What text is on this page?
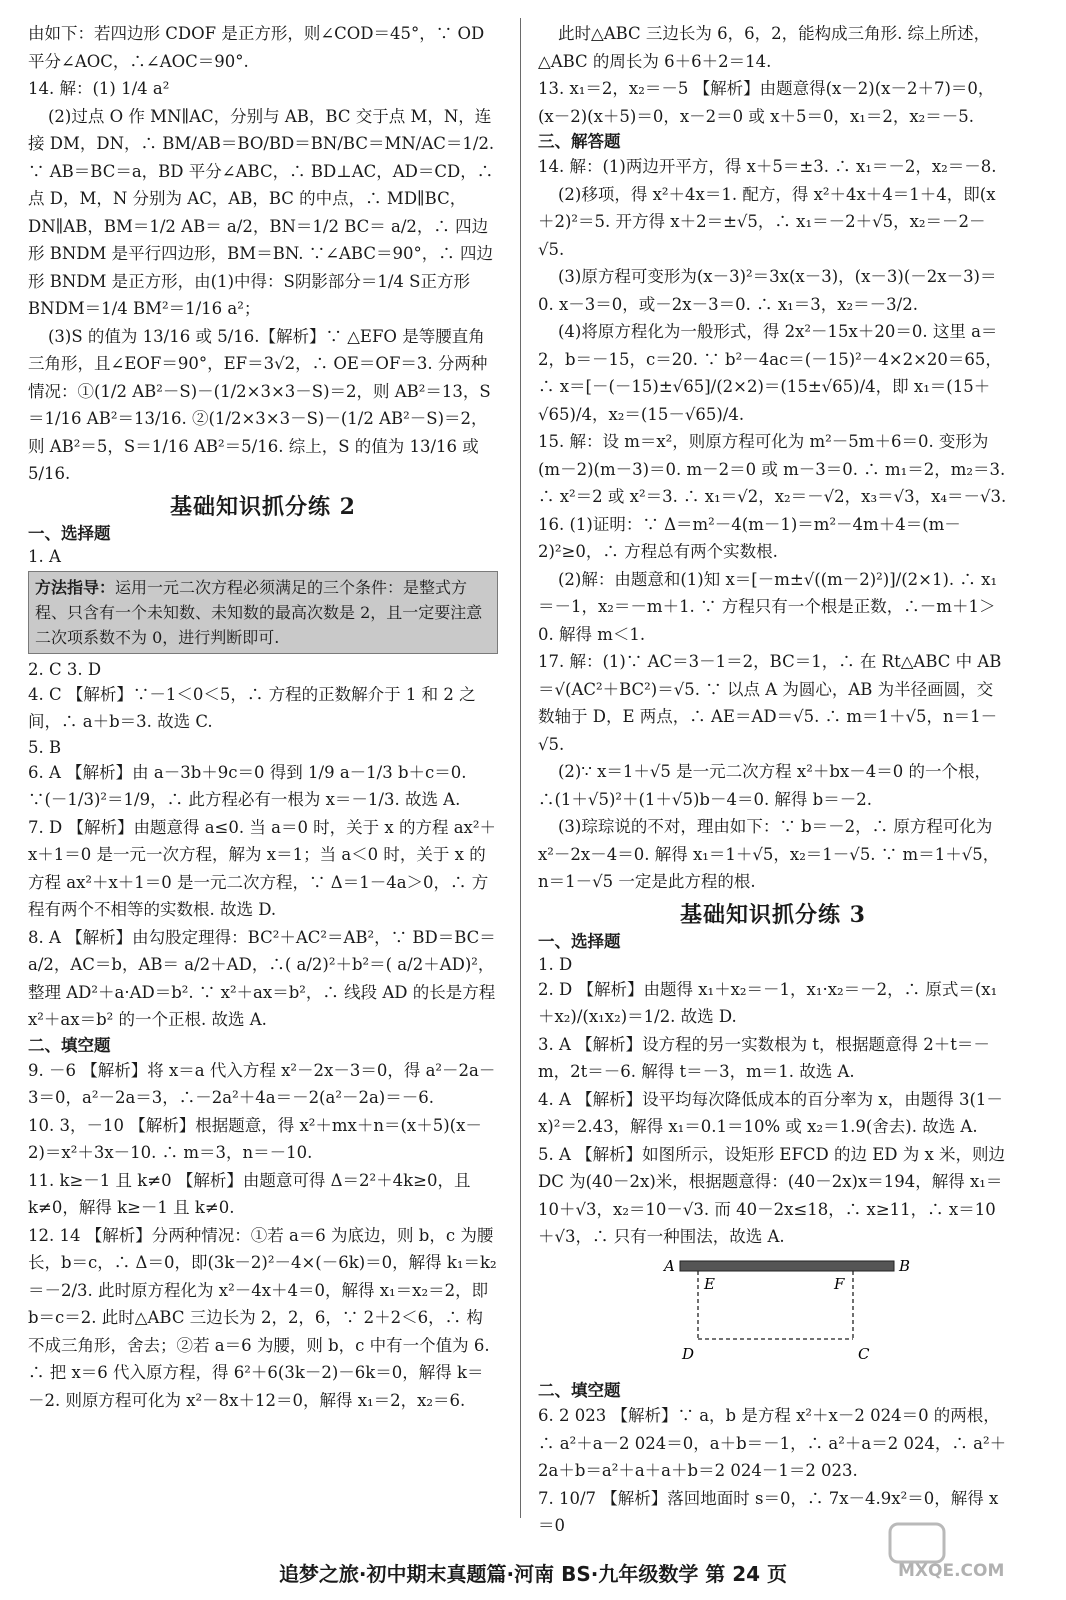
由如下：若四边形 CDOF 是正方形，则∠COD＝45°，∵ OD 平分∠AOC，∴∠AOC＝90°.

14. 解：(1) 1/4 a²

(2)过点 O 作 MN∥AC，分别与 AB，BC 交于点 M，N，连接 DM，DN，∴ BM/AB＝BO/BD＝BN/BC＝MN/AC＝1/2. ∵ AB＝BC＝a，BD 平分∠ABC，∴ BD⊥AC，AD＝CD，∴ 点 D，M，N 分别为 AC，AB，BC 的中点，∴ MD∥BC，DN∥AB，BM＝1/2 AB＝ a/2，BN＝1/2 BC＝ a/2，∴ 四边形 BNDM 是平行四边形，BM＝BN. ∵∠ABC＝90°，∴ 四边形 BNDM 是正方形，由(1)中得：S阴影部分＝1/4 S正方形BNDM＝1/4 BM²＝1/16 a²；

(3)S 的值为 13/16 或 5/16.【解析】∵ △EFO 是等腰直角三角形，且∠EOF＝90°，EF＝3√2，∴ OE＝OF＝3. 分两种情况：①(1/2 AB²－S)－(1/2×3×3－S)＝2，则 AB²＝13，S＝1/16 AB²＝13/16. ②(1/2×3×3－S)－(1/2 AB²－S)＝2，则 AB²＝5，S＝1/16 AB²＝5/16. 综上，S 的值为 13/16 或 5/16.

基础知识抓分练 2

一、选择题

1. A

方法指导：运用一元二次方程必须满足的三个条件：是整式方程、只含有一个未知数、未知数的最高次数是 2，且一定要注意二次项系数不为 0，进行判断即可.

2. C 3. D

4. C 【解析】∵－1＜0＜5，∴ 方程的正数解介于 1 和 2 之间，∴ a＋b＝3. 故选 C.

5. B

6. A 【解析】由 a－3b＋9c＝0 得到 1/9 a－1/3 b＋c＝0. ∵(－1/3)²＝1/9，∴ 此方程必有一根为 x＝－1/3. 故选 A.

7. D 【解析】由题意得 a≤0. 当 a＝0 时，关于 x 的方程 ax²＋x＋1＝0 是一元一次方程，解为 x＝1；当 a＜0 时，关于 x 的方程 ax²＋x＋1＝0 是一元二次方程，∵ Δ＝1－4a＞0，∴ 方程有两个不相等的实数根. 故选 D.

8. A 【解析】由勾股定理得：BC²＋AC²＝AB²，∵ BD＝BC＝ a/2，AC＝b，AB＝ a/2＋AD，∴( a/2)²＋b²＝( a/2＋AD)²，整理 AD²＋a·AD＝b². ∵ x²＋ax＝b²，∴ 线段 AD 的长是方程 x²＋ax＝b² 的一个正根. 故选 A.

二、填空题

9. －6 【解析】将 x＝a 代入方程 x²－2x－3＝0，得 a²－2a－3＝0，a²－2a＝3，∴－2a²＋4a＝－2(a²－2a)＝－6.

10. 3，－10 【解析】根据题意，得 x²＋mx＋n＝(x＋5)(x－2)＝x²＋3x－10. ∴ m＝3，n＝－10.

11. k≥－1 且 k≠0 【解析】由题意可得 Δ＝2²＋4k≥0，且 k≠0，解得 k≥－1 且 k≠0.

12. 14 【解析】分两种情况：①若 a＝6 为底边，则 b，c 为腰长，b＝c，∴ Δ＝0，即(3k－2)²－4×(－6k)＝0，解得 k₁＝k₂＝－2/3. 此时原方程化为 x²－4x＋4＝0，解得 x₁＝x₂＝2，即 b＝c＝2. 此时△ABC 三边长为 2，2，6，∵ 2＋2＜6，∴ 构不成三角形，舍去；②若 a＝6 为腰，则 b，c 中有一个值为 6. ∴ 把 x＝6 代入原方程，得 6²＋6(3k－2)－6k＝0，解得 k＝－2. 则原方程可化为 x²－8x＋12＝0，解得 x₁＝2，x₂＝6.

此时△ABC 三边长为 6，6，2，能构成三角形. 综上所述，△ABC 的周长为 6＋6＋2＝14.

13. x₁＝2，x₂＝－5 【解析】由题意得(x－2)(x－2＋7)＝0，(x－2)(x＋5)＝0，x－2＝0 或 x＋5＝0，x₁＝2，x₂＝－5.

三、解答题

14. 解：(1)两边开平方，得 x＋5＝±3. ∴ x₁＝－2，x₂＝－8.

(2)移项，得 x²＋4x＝1. 配方，得 x²＋4x＋4＝1＋4，即(x＋2)²＝5. 开方得 x＋2＝±√5，∴ x₁＝－2＋√5，x₂＝－2－√5.

(3)原方程可变形为(x－3)²＝3x(x－3)，(x－3)(－2x－3)＝0. x－3＝0，或－2x－3＝0. ∴ x₁＝3，x₂＝－3/2.

(4)将原方程化为一般形式，得 2x²－15x＋20＝0. 这里 a＝2，b＝－15，c＝20. ∵ b²－4ac＝(－15)²－4×2×20＝65，∴ x＝[－(－15)±√65]/(2×2)＝(15±√65)/4，即 x₁＝(15＋√65)/4，x₂＝(15－√65)/4.

15. 解：设 m＝x²，则原方程可化为 m²－5m＋6＝0. 变形为(m－2)(m－3)＝0. m－2＝0 或 m－3＝0. ∴ m₁＝2，m₂＝3. ∴ x²＝2 或 x²＝3. ∴ x₁＝√2，x₂＝－√2，x₃＝√3，x₄＝－√3.

16. (1)证明：∵ Δ＝m²－4(m－1)＝m²－4m＋4＝(m－2)²≥0，∴ 方程总有两个实数根.

(2)解：由题意和(1)知 x＝[－m±√((m－2)²)]/(2×1). ∴ x₁＝－1，x₂＝－m＋1. ∵ 方程只有一个根是正数，∴－m＋1＞0. 解得 m＜1.

17. 解：(1)∵ AC＝3－1＝2，BC＝1，∴ 在 Rt△ABC 中 AB＝√(AC²＋BC²)＝√5. ∵ 以点 A 为圆心，AB 为半径画圆，交数轴于 D，E 两点，∴ AE＝AD＝√5. ∴ m＝1＋√5，n＝1－√5.

(2)∵ x＝1＋√5 是一元二次方程 x²＋bx－4＝0 的一个根，∴(1＋√5)²＋(1＋√5)b－4＝0. 解得 b＝－2.

(3)琮琮说的不对，理由如下：∵ b＝－2，∴ 原方程可化为 x²－2x－4＝0. 解得 x₁＝1＋√5，x₂＝1－√5. ∵ m＝1＋√5，n＝1－√5 一定是此方程的根.

基础知识抓分练 3

一、选择题

1. D

2. D 【解析】由题得 x₁＋x₂＝－1，x₁·x₂＝－2，∴ 原式＝(x₁＋x₂)/(x₁x₂)＝1/2. 故选 D.

3. A 【解析】设方程的另一实数根为 t，根据题意得 2＋t＝－m，2t＝－6. 解得 t＝－3，m＝1. 故选 A.

4. A 【解析】设平均每次降低成本的百分率为 x，由题得 3(1－x)²＝2.43，解得 x₁＝0.1＝10% 或 x₂＝1.9(舍去). 故选 A.

5. A 【解析】如图所示，设矩形 EFCD 的边 ED 为 x 米，则边 DC 为(40－2x)米，根据题意得：(40－2x)x＝194，解得 x₁＝10＋√3，x₂＝10－√3. 而 40－2x≤18，∴ x≥11，∴ x＝10＋√3，∴ 只有一种围法，故选 A.

A	B
E	F
D	C

二、填空题

6. 2 023 【解析】∵ a，b 是方程 x²＋x－2 024＝0 的两根，∴ a²＋a－2 024＝0，a＋b＝－1，∴ a²＋a＝2 024，∴ a²＋2a＋b＝a²＋a＋a＋b＝2 024－1＝2 023.

7. 10/7 【解析】落回地面时 s＝0，∴ 7x－4.9x²＝0，解得 x＝0

追梦之旅·初中期末真题篇·河南 BS·九年级数学 第 24 页	MXQE.COM
